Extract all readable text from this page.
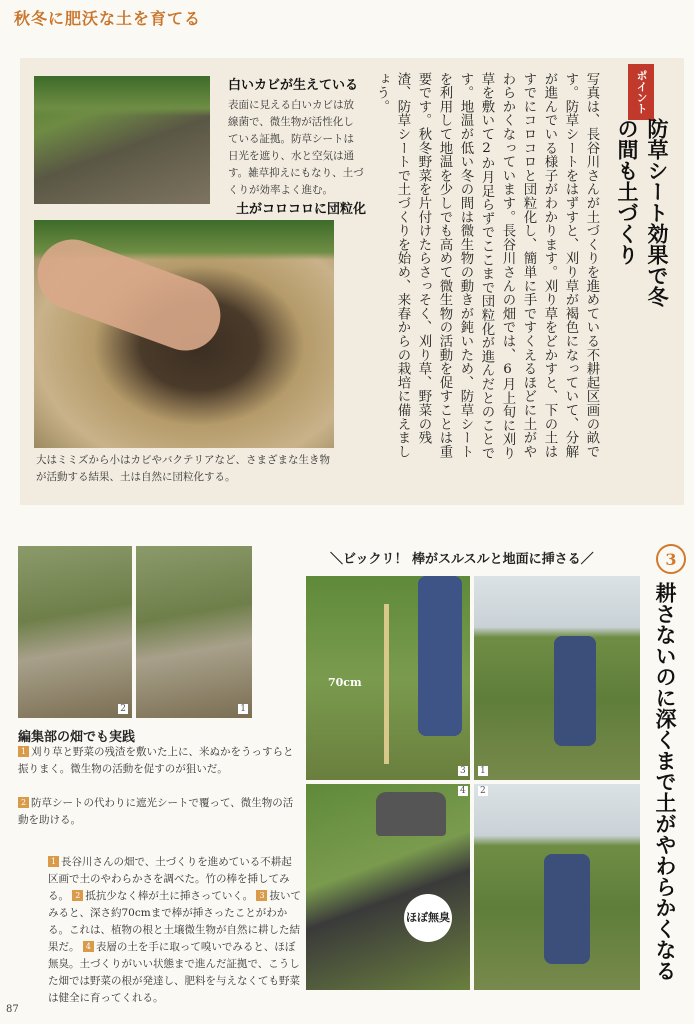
秋冬に肥沃な土を育てる
白いカビが生えている
表面に見える白いカビは放線菌で、微生物が活性化している証拠。防草シートは日光を遮り、水と空気は通す。雑草抑えにもなり、土づくりが効率よく進む。
土がコロコロに団粒化
大はミミズから小はカビやバクテリアなど、さまざまな生き物が活動する結果、土は自然に団粒化する。
写真は、長谷川さんが土づくりを進めている不耕起区画の畝です。防草シートをはずすと、刈り草が褐色になっていて、分解が進んでいる様子がわかります。刈り草をどかすと、下の土はすでにコロコロと団粒化し、簡単に手ですくえるほどに土がやわらかくなっています。長谷川さんの畑では、6月上旬に刈り草を敷いて2か月足らずでここまで団粒化が進んだとのことです。地温が低い冬の間は微生物の動きが鈍いため、防草シートを利用して地温を少しでも高めて微生物の活動を促すことは重要です。秋冬野菜を片付けたらさっそく、刈り草、野菜の残渣、防草シートで土づくりを始め、来春からの栽培に備えましょう。	ポイント
防草シート効果で冬の間も土づくり
2	1
編集部の畑でも実践
1 刈り草と野菜の残渣を敷いた上に、米ぬかをうっすらと振りまく。微生物の活動を促すのが狙いだ。
2 防草シートの代わりに遮光シートで覆って、微生物の活動を助ける。
1 長谷川さんの畑で、土づくりを進めている不耕起区画で土のやわらかさを調べた。竹の棒を挿してみる。 2 抵抗少なく棒が土に挿さっていく。 3 抜いてみると、深さ約70cmまで棒が挿さったことがわかる。これは、植物の根と土壌微生物が自然に耕した結果だ。 4 表層の土を手に取って嗅いでみると、ほぼ無臭。土づくりがいい状態まで進んだ証拠で、こうした畑では野菜の根が発達し、肥料を与えなくても野菜は健全に育ってくれる。
＼ビックリ！ 棒がスルスルと地面に挿さる／	3
耕さないのに深くまで土がやわらかくなる
70cm
ほぼ無臭
3 1
4 2
87
